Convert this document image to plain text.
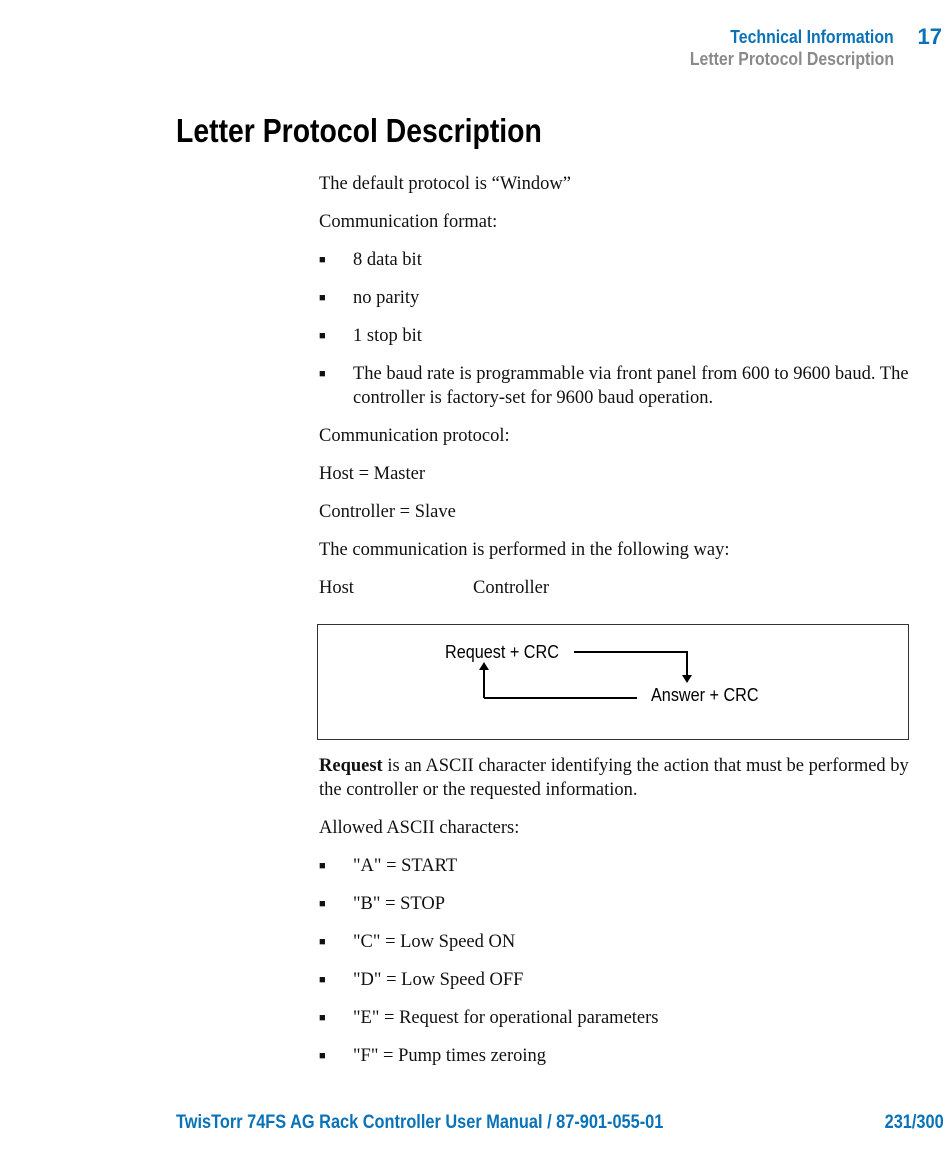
Technical Information 17
Letter Protocol Description
Letter Protocol Description

The default protocol is “Window”

Communication format:

■ 8 data bit
■ no parity
■ 1 stop bit
■ The baud rate is programmable via front panel from 600 to 9600 baud. The controller is factory-set for 9600 baud operation.

Communication protocol:

Host = Master

Controller = Slave

The communication is performed in the following way:

Host	Controller
Request + CRC
Answer + CRC

Request is an ASCII character identifying the action that must be performed by the controller or the requested information.

Allowed ASCII characters:

■ "A" = START
■ "B" = STOP
■ "C" = Low Speed ON
■ "D" = Low Speed OFF
■ "E" = Request for operational parameters
■ "F" = Pump times zeroing
TwisTorr 74FS AG Rack Controller User Manual / 87-901-055-01	231/300
